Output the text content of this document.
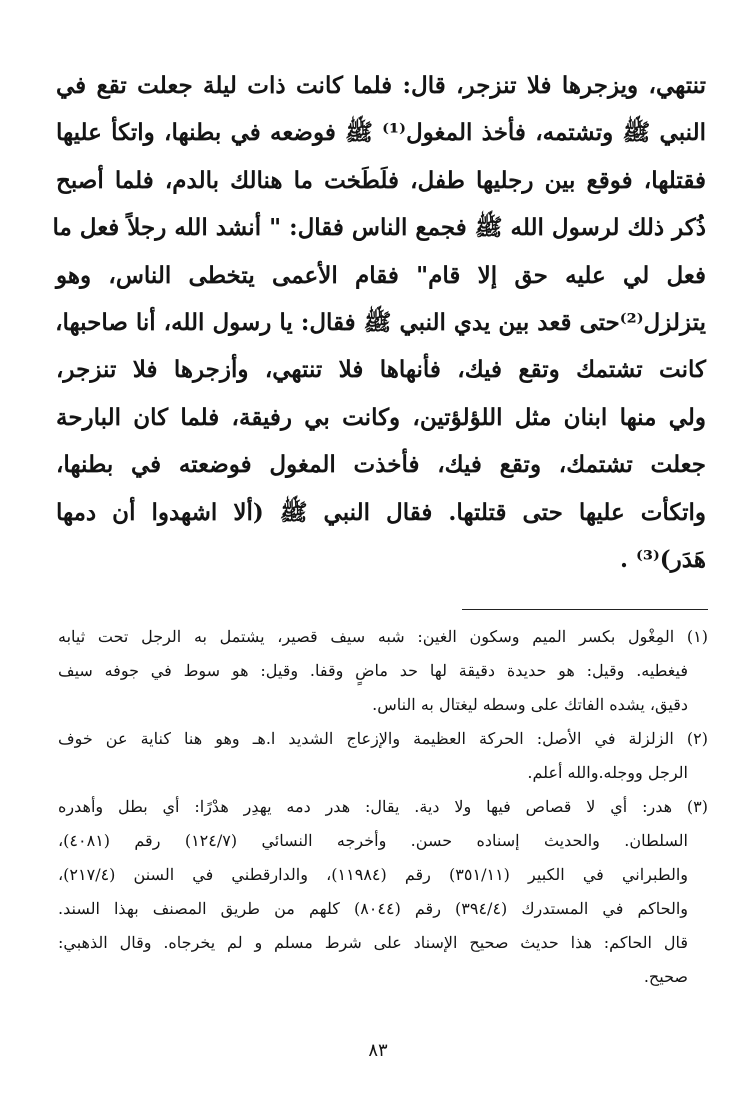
تنتهي، ويزجرها فلا تنزجر، قال: فلما كانت ذات ليلة جعلت تقع في
النبي ﷺ وتشتمه، فأخذ المغول⁽¹⁾ ﷺ فوضعه في بطنها، واتكأ عليها
فقتلها، فوقع بين رجليها طفل، فلَطَخت ما هنالك بالدم، فلما أصبح
ذُكر ذلك لرسول الله ﷺ فجمع الناس فقال: " أنشد الله رجلاً فعل ما
فعل لي عليه حق إلا قام" فقام الأعمى يتخطى الناس، وهو
يتزلزل⁽²⁾حتى قعد بين يدي النبي ﷺ فقال: يا رسول الله، أنا صاحبها،
كانت تشتمك وتقع فيك، فأنهاها فلا تنتهي، وأزجرها فلا تنزجر،
ولي منها ابنان مثل اللؤلؤتين، وكانت بي رفيقة، فلما كان البارحة
جعلت تشتمك، وتقع فيك، فأخذت المغول فوضعته في بطنها،
واتكأت عليها حتى قتلتها. فقال النبي ﷺ (ألا اشهدوا أن دمها
هَدَر)⁽³⁾ .
(١) المِغْول بكسر الميم وسكون الغين: شبه سيف قصير، يشتمل به الرجل تحت ثيابه
فيغطيه. وقيل: هو حديدة دقيقة لها حد ماضٍ وقفا. وقيل: هو سوط في جوفه سيف
دقيق، يشده الفاتك على وسطه ليغتال به الناس.
(٢) الزلزلة في الأصل: الحركة العظيمة والإزعاج الشديد ا.هـ وهو هنا كناية عن خوف
الرجل ووجله.والله أعلم.
(٣) هدر: أي لا قصاص فيها ولا دية. يقال: هدر دمه يهدِر هدْرًا: أي بطل وأهدره
السلطان. والحديث إسناده حسن. وأخرجه النسائي (١٢٤/٧) رقم (٤٠٨١)،
والطبراني في الكبير (٣٥١/١١) رقم (١١٩٨٤)، والدارقطني في السنن (٢١٧/٤)،
والحاكم في المستدرك (٣٩٤/٤) رقم (٨٠٤٤) كلهم من طريق المصنف بهذا السند.
قال الحاكم: هذا حديث صحيح الإسناد على شرط مسلم و لم يخرجاه. وقال الذهبي:
صحيح.
٨٣
